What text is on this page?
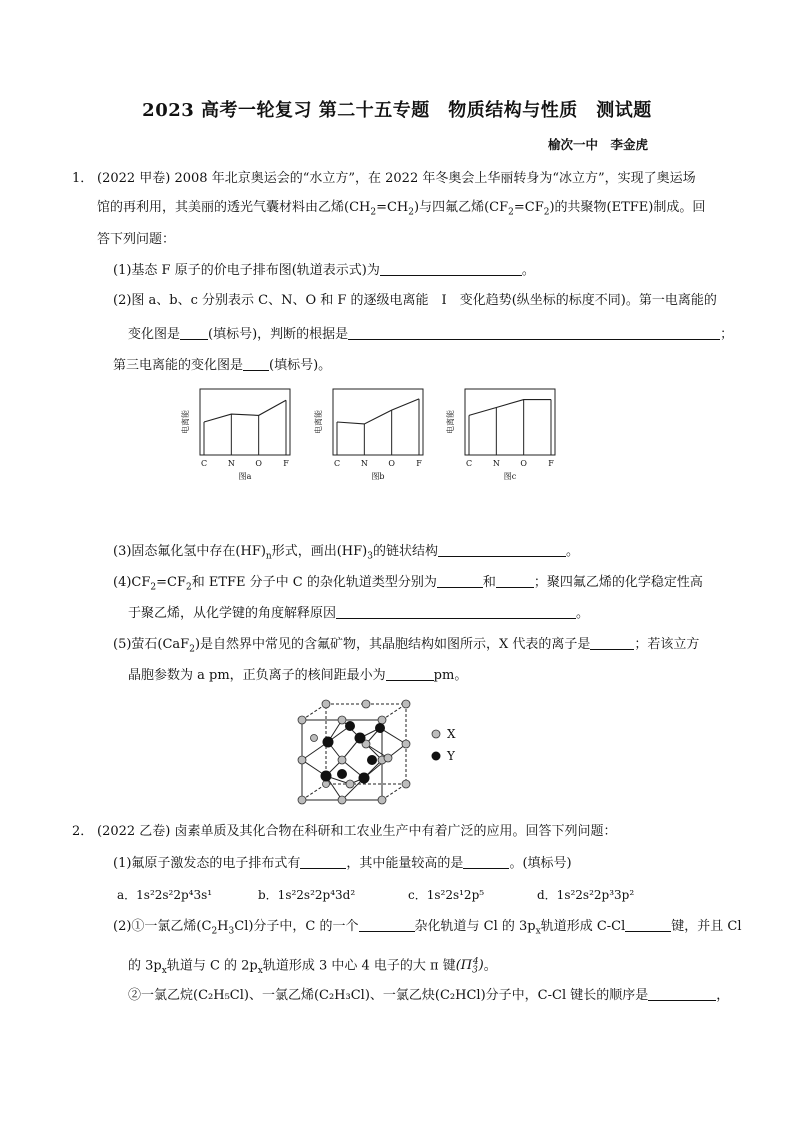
2023 高考一轮复习 第二十五专题　物质结构与性质　测试题
榆次一中　李金虎
1． (2022 甲卷) 2008 年北京奥运会的“水立方”，在 2022 年冬奥会上华丽转身为“冰立方”，实现了奥运场
馆的再利用，其美丽的透光气囊材料由乙烯$(CH_2=CH_2)$与四氟乙烯$(CF_2=CF_2)$的共聚物(ETFE)制成。回
答下列问题：
(1)基态 F 原子的价电子排布图(轨道表示式)为	。
(2)图 a、b、c 分别表示 C、N、O 和 F 的逐级电离能　I　变化趋势(纵坐标的标度不同)。第一电离能的
变化图是 (填标号)，判断的根据是	；
第三电离能的变化图是 (填标号)。
电离能
C	N	O	F
图a
电离能
C	N	O	F
图b
电离能
C	N	O	F
图c
(3)固态氟化氢中存在$(HF)_n$形式，画出$(HF)_3$的链状结构	。
$(4)CF_2=CF_2$和 ETFE 分子中 C 的杂化轨道类型分别为	和	；聚四氟乙烯的化学稳定性高
于聚乙烯，从化学键的角度解释原因	。
(5)萤石(CaF$_2$)是自然界中常见的含氟矿物，其晶胞结构如图所示，X 代表的离子是	；若该立方
晶胞参数为 a pm，正负离子的核间距最小为	pm。
X
Y
2． (2022 乙卷) 卤素单质及其化合物在科研和工农业生产中有着广泛的应用。回答下列问题：
(1)氟原子激发态的电子排布式有	，其中能量较高的是	。(填标号)
a．1s²2s²2p⁴3s¹	b．1s²2s²2p⁴3d²	c．1s²2s¹2p⁵	d．1s²2s²2p³3p²
(2)①一氯乙烯$(C_2H_3Cl)$分子中，C 的一个	杂化轨道与 Cl 的 $3p_x$轨道形成 C-Cl	键，并且 Cl
的 $3p_x$轨道与 C 的 $2p_x$轨道形成 3 中心 4 电子的大 π 键$(\Pi_3^4)$。
②一氯乙烷(C₂H₅Cl)、一氯乙烯(C₂H₃Cl)、一氯乙炔(C₂HCl)分子中，C-Cl 键长的顺序是	，
